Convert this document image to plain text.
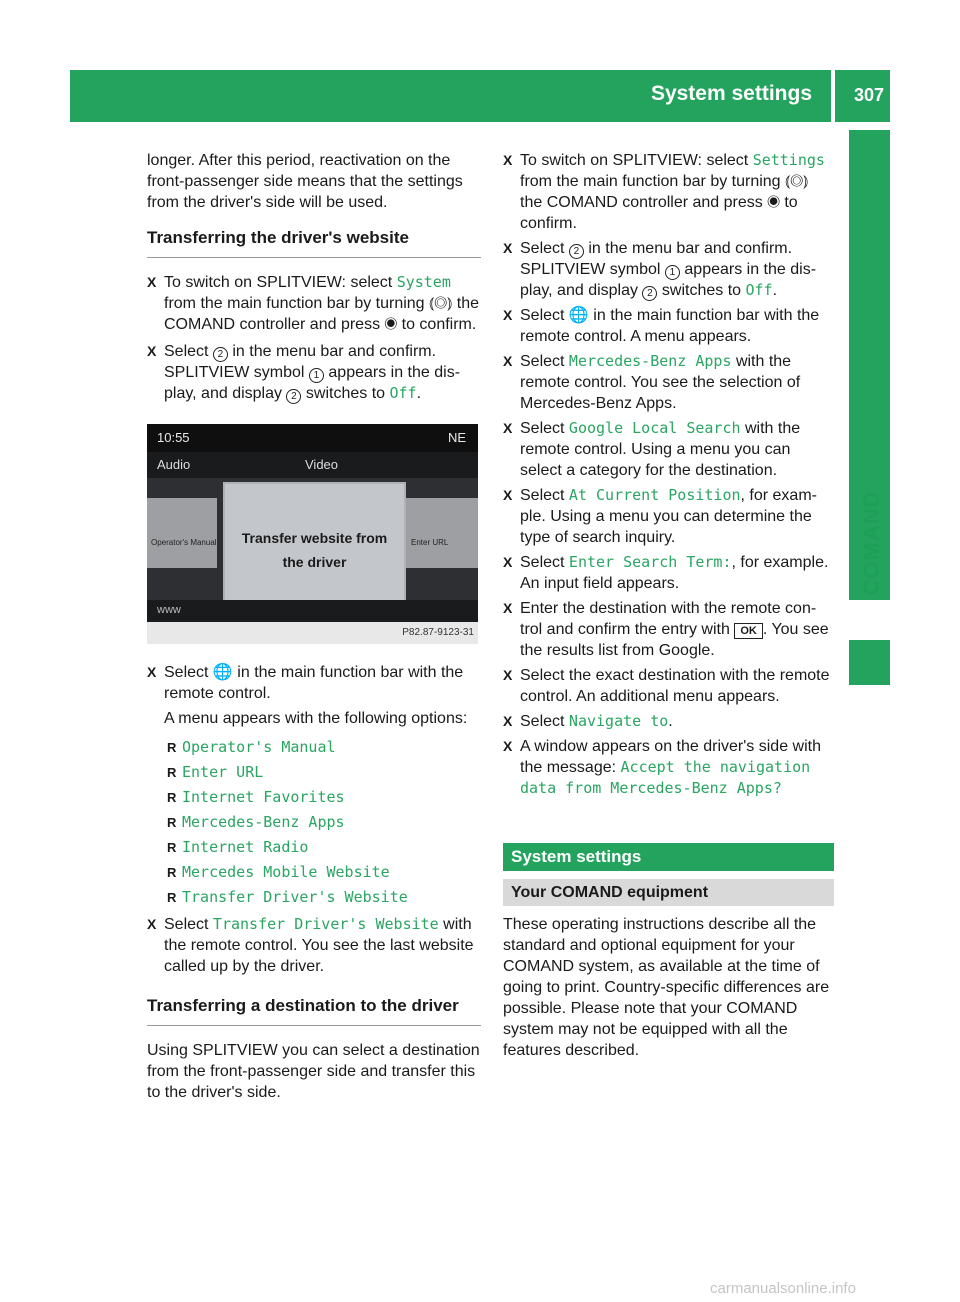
System settings 307
COMAND

longer. After this period, reactivation on the front-passenger side means that the settings from the driver's side will be used.

Transferring the driver's website
X To switch on SPLITVIEW: select System from the main function bar by turning ⦅◎⦆ the COMAND controller and press ◉ to confirm.
X Select 2 in the menu bar and confirm. SPLITVIEW symbol 1 appears in the dis- play, and display 2 switches to Off.
10:55	NE
Audio	Video
Operator's Manual	Enter URL
Transfer website from
the driver
www
P82.87-9123-31
X Select 🌐 in the main function bar with the remote control.
A menu appears with the following options:
R Operator's Manual
R Enter URL
R Internet Favorites
R Mercedes-Benz Apps
R Internet Radio
R Mercedes Mobile Website
R Transfer Driver's Website
X Select Transfer Driver's Website with the remote control. You see the last website called up by the driver.
Transferring a destination to the driver

Using SPLITVIEW you can select a destination from the front-passenger side and transfer this to the driver's side.

X To switch on SPLITVIEW: select Settings from the main function bar by turning ⦅◎⦆ the COMAND controller and press ◉ to confirm.
X Select 2 in the menu bar and confirm. SPLITVIEW symbol 1 appears in the dis- play, and display 2 switches to Off.
X Select 🌐 in the main function bar with the remote control. A menu appears.
X Select Mercedes-Benz Apps with the remote control. You see the selection of Mercedes-Benz Apps.
X Select Google Local Search with the remote control. Using a menu you can select a category for the destination.
X Select At Current Position, for exam-ple. Using a menu you can determine the type of search inquiry.
X Select Enter Search Term:, for example. An input field appears.
X Enter the destination with the remote con-trol and confirm the entry with OK . You see the results list from Google.
X Select the exact destination with the remote control. An additional menu appears.
X Select Navigate to.
X A window appears on the driver's side with the message: Accept the navigation data from Mercedes-Benz Apps?
System settings
Your COMAND equipment

These operating instructions describe all the standard and optional equipment for your COMAND system, as available at the time of going to print. Country-specific differences are possible. Please note that your COMAND system may not be equipped with all the features described.

carmanualsonline.info
